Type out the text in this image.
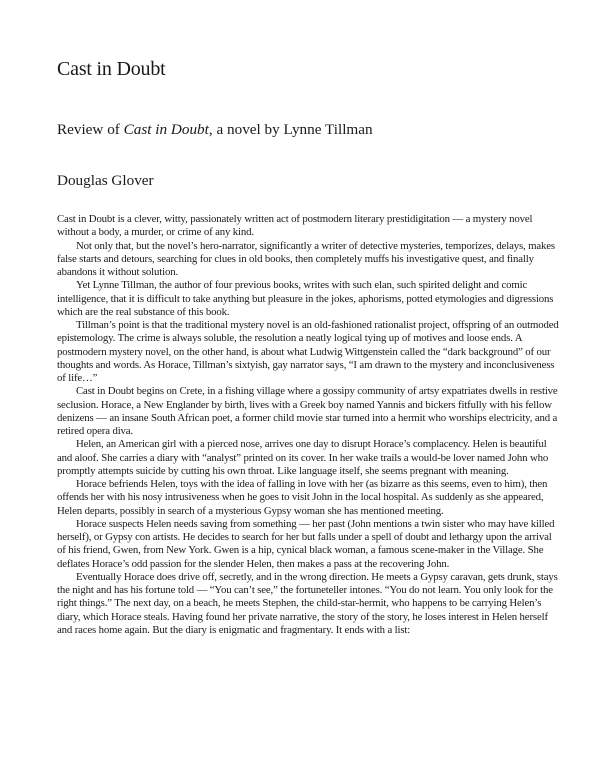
Cast in Doubt
Review of Cast in Doubt, a novel by Lynne Tillman
Douglas Glover

Cast in Doubt is a clever, witty, passionately written act of postmodern literary prestidigitation — a mystery novel without a body, a murder, or crime of any kind.

Not only that, but the novel’s hero-narrator, significantly a writer of detective mysteries, temporizes, delays, makes false starts and detours, searching for clues in old books, then completely muffs his investigative quest, and finally abandons it without solution.

Yet Lynne Tillman, the author of four previous books, writes with such elan, such spirited delight and comic intelligence, that it is difficult to take anything but pleasure in the jokes, aphorisms, potted etymologies and digressions which are the real substance of this book.

Tillman’s point is that the traditional mystery novel is an old-fashioned rationalist project, offspring of an outmoded epistemology. The crime is always soluble, the resolution a neatly logical tying up of motives and loose ends. A postmodern mystery novel, on the other hand, is about what Ludwig Wittgenstein called the “dark background” of our thoughts and words. As Horace, Tillman’s sixtyish, gay narrator says, “I am drawn to the mystery and inconclusiveness of life…”

Cast in Doubt begins on Crete, in a fishing village where a gossipy community of artsy expatriates dwells in restive seclusion. Horace, a New Englander by birth, lives with a Greek boy named Yannis and bickers fitfully with his fellow denizens — an insane South African poet, a former child movie star turned into a hermit who worships electricity, and a retired opera diva.

Helen, an American girl with a pierced nose, arrives one day to disrupt Horace’s complacency. Helen is beautiful and aloof. She carries a diary with “analyst” printed on its cover. In her wake trails a would-be lover named John who promptly attempts suicide by cutting his own throat. Like language itself, she seems pregnant with meaning.

Horace befriends Helen, toys with the idea of falling in love with her (as bizarre as this seems, even to him), then offends her with his nosy intrusiveness when he goes to visit John in the local hospital. As suddenly as she appeared, Helen departs, possibly in search of a mysterious Gypsy woman she has mentioned meeting.

Horace suspects Helen needs saving from something — her past (John mentions a twin sister who may have killed herself), or Gypsy con artists. He decides to search for her but falls under a spell of doubt and lethargy upon the arrival of his friend, Gwen, from New York. Gwen is a hip, cynical black woman, a famous scene-maker in the Village. She deflates Horace’s odd passion for the slender Helen, then makes a pass at the recovering John.

Eventually Horace does drive off, secretly, and in the wrong direction. He meets a Gypsy caravan, gets drunk, stays the night and has his fortune told — “You can’t see,” the fortuneteller intones. “You do not learn. You only look for the right things.” The next day, on a beach, he meets Stephen, the child-star-hermit, who happens to be carrying Helen’s diary, which Horace steals. Having found her private narrative, the story of the story, he loses interest in Helen herself and races home again. But the diary is enigmatic and fragmentary. It ends with a list:
